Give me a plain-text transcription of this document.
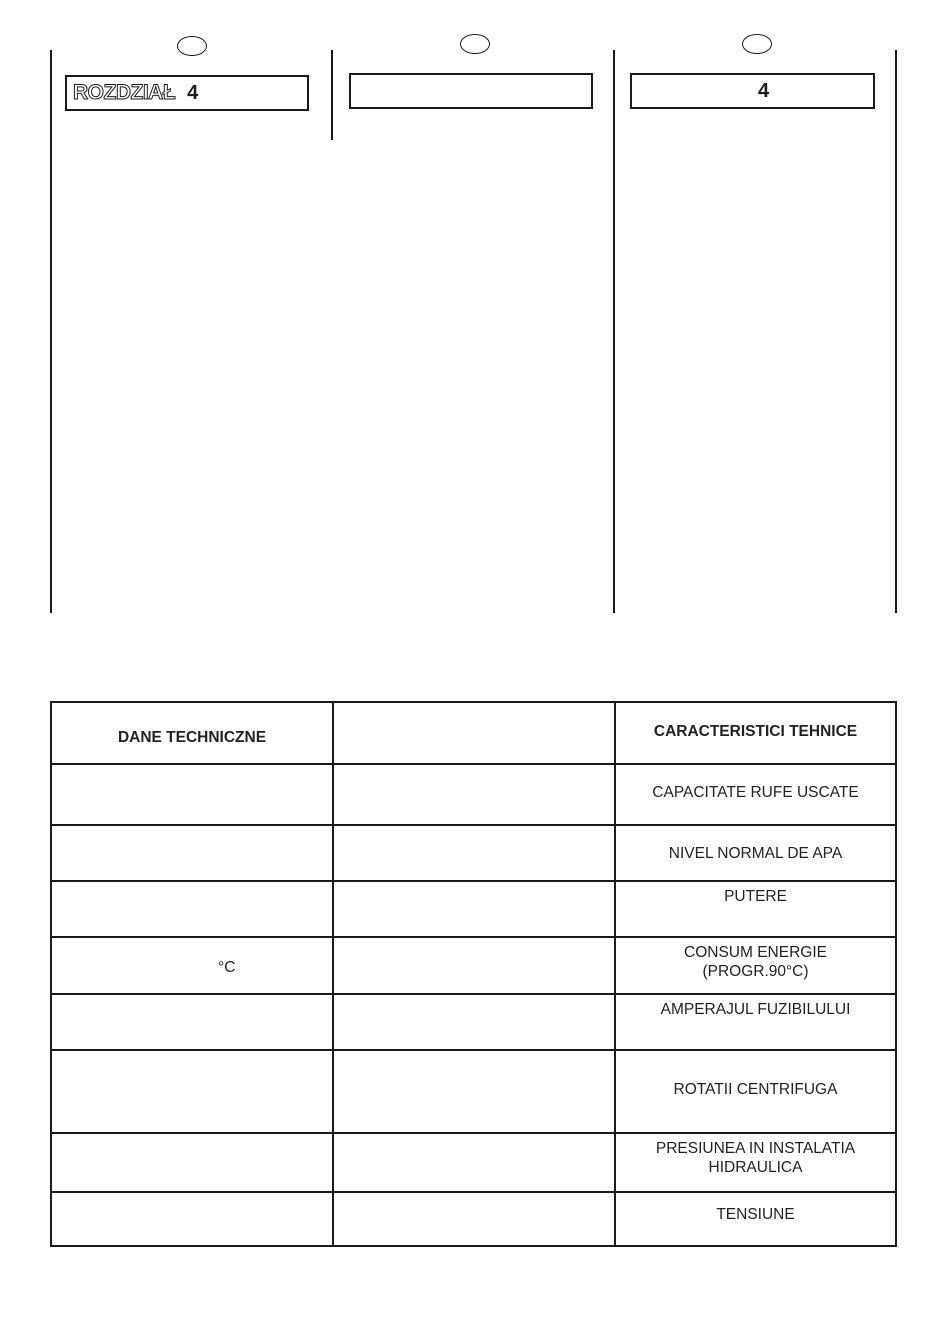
ROZDZIAŁ 4	4
DANE TECHNICZNE		CARACTERISTICI TEHNICE
		CAPACITATE RUFE USCATE
		NIVEL NORMAL DE APA
		PUTERE
°C		CONSUM ENERGIE
(PROGR.90°C)

		AMPERAJUL FUZIBILULUI
		ROTATII CENTRIFUGA

		PRESIUNEA IN INSTALATIA
HIDRAULICA

		TENSIUNE
